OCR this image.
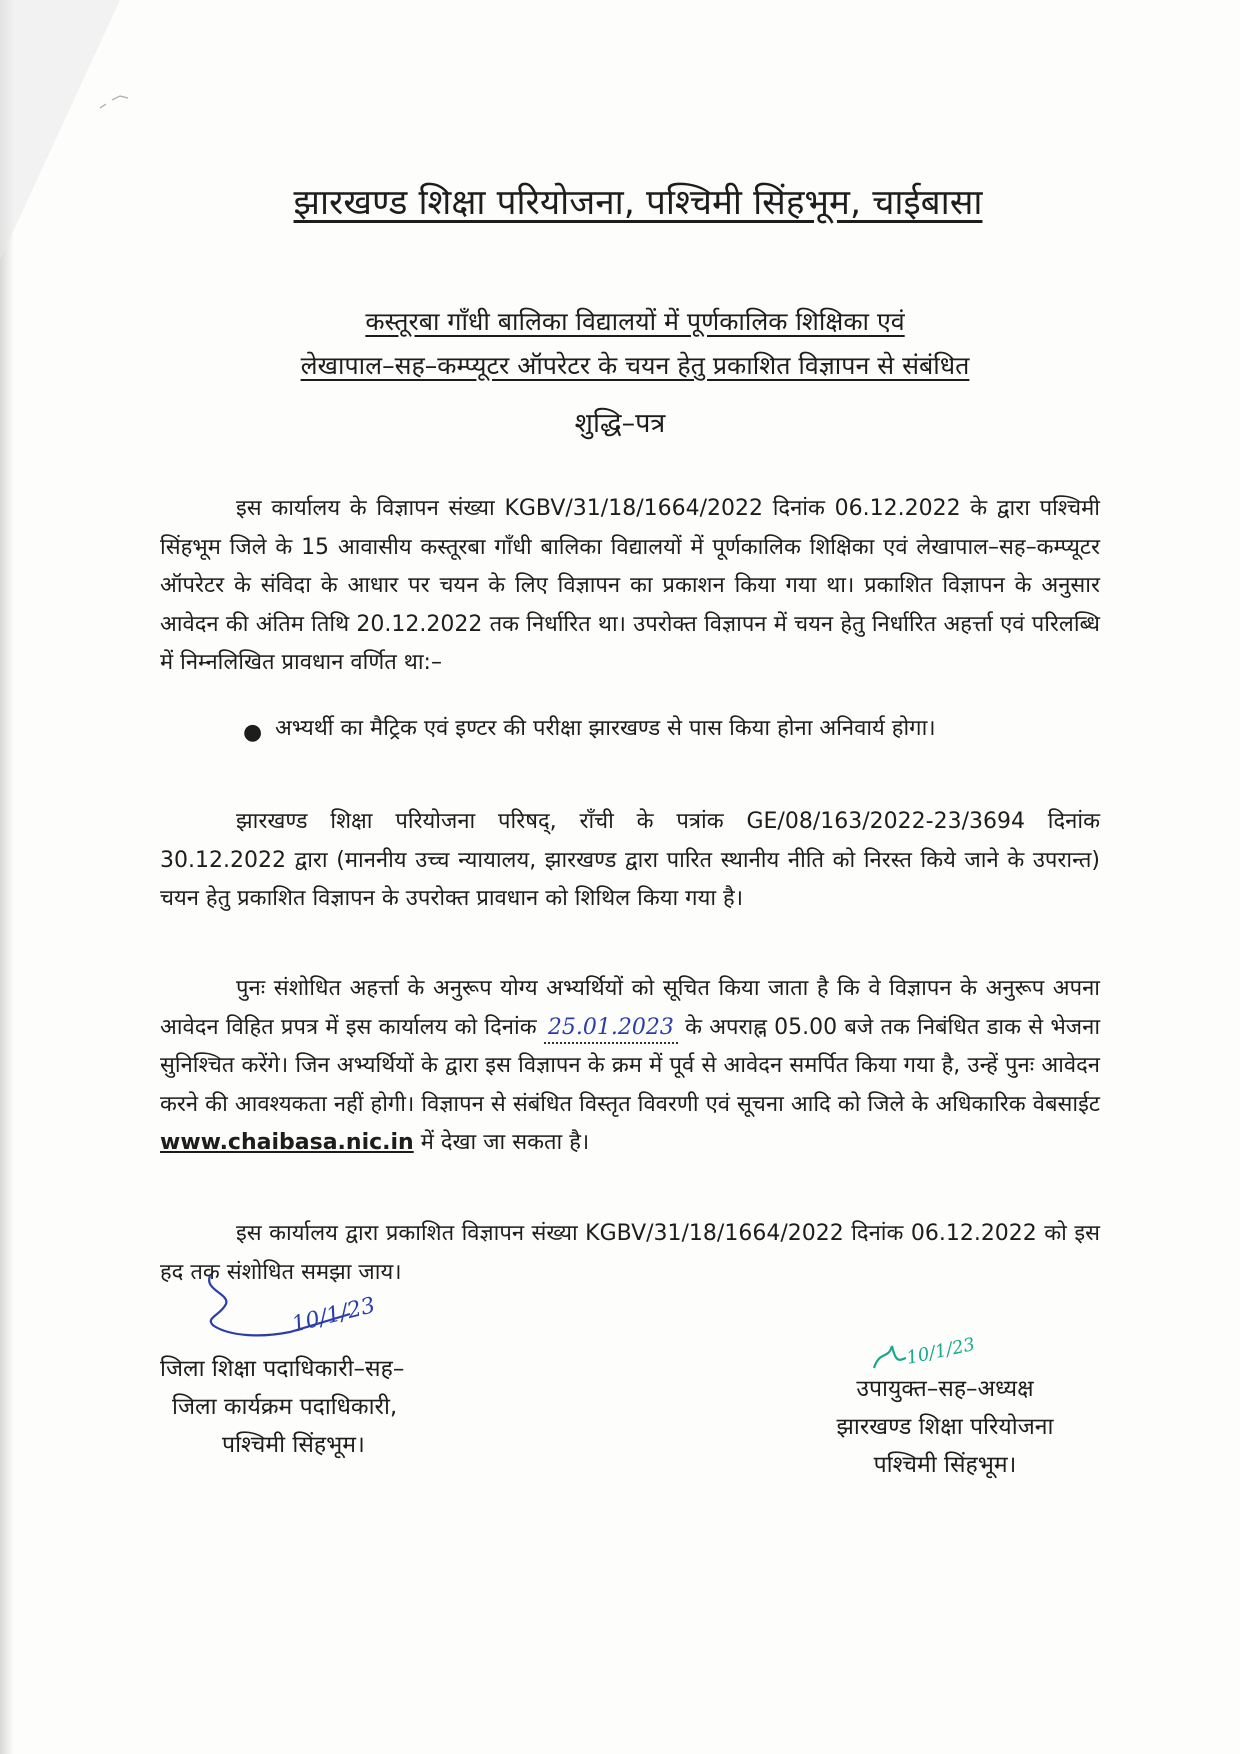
झारखण्ड शिक्षा परियोजना, पश्चिमी सिंहभूम, चाईबासा
कस्तूरबा गाँधी बालिका विद्यालयों में पूर्णकालिक शिक्षिका एवं
लेखापाल–सह–कम्प्यूटर ऑपरेटर के चयन हेतु प्रकाशित विज्ञापन से संबंधित
शुद्धि–पत्र
इस कार्यालय के विज्ञापन संख्या KGBV/31/18/1664/2022 दिनांक 06.12.2022 के द्वारा पश्चिमी सिंहभूम जिले के 15 आवासीय कस्तूरबा गाँधी बालिका विद्यालयों में पूर्णकालिक शिक्षिका एवं लेखापाल–सह–कम्प्यूटर ऑपरेटर के संविदा के आधार पर चयन के लिए विज्ञापन का प्रकाशन किया गया था। प्रकाशित विज्ञापन के अनुसार आवेदन की अंतिम तिथि 20.12.2022 तक निर्धारित था। उपरोक्त विज्ञापन में चयन हेतु निर्धारित अहर्त्ता एवं परिलब्धि में निम्नलिखित प्रावधान वर्णित था:–
● अभ्यर्थी का मैट्रिक एवं इण्टर की परीक्षा झारखण्ड से पास किया होना अनिवार्य होगा।
झारखण्ड शिक्षा परियोजना परिषद्, राँची के पत्रांक GE/08/163/2022-23/3694 दिनांक 30.12.2022 द्वारा (माननीय उच्च न्यायालय, झारखण्ड द्वारा पारित स्थानीय नीति को निरस्त किये जाने के उपरान्त) चयन हेतु प्रकाशित विज्ञापन के उपरोक्त प्रावधान को शिथिल किया गया है।
पुनः संशोधित अहर्त्ता के अनुरूप योग्य अभ्यर्थियों को सूचित किया जाता है कि वे विज्ञापन के अनुरूप अपना आवेदन विहित प्रपत्र में इस कार्यालय को दिनांक 25.01.2023 के अपराह्न 05.00 बजे तक निबंधित डाक से भेजना सुनिश्चित करेंगे। जिन अभ्यर्थियों के द्वारा इस विज्ञापन के क्रम में पूर्व से आवेदन समर्पित किया गया है, उन्हें पुनः आवेदन करने की आवश्यकता नहीं होगी। विज्ञापन से संबंधित विस्तृत विवरणी एवं सूचना आदि को जिले के अधिकारिक वेबसाईट www.chaibasa.nic.in में देखा जा सकता है।
इस कार्यालय द्वारा प्रकाशित विज्ञापन संख्या KGBV/31/18/1664/2022 दिनांक 06.12.2022 को इस हद तक संशोधित समझा जाय।
10/1/23
10/1/23
जिला शिक्षा पदाधिकारी–सह–
जिला कार्यक्रम पदाधिकारी,
पश्चिमी सिंहभूम।
उपायुक्त–सह–अध्यक्ष
झारखण्ड शिक्षा परियोजना
पश्चिमी सिंहभूम।
